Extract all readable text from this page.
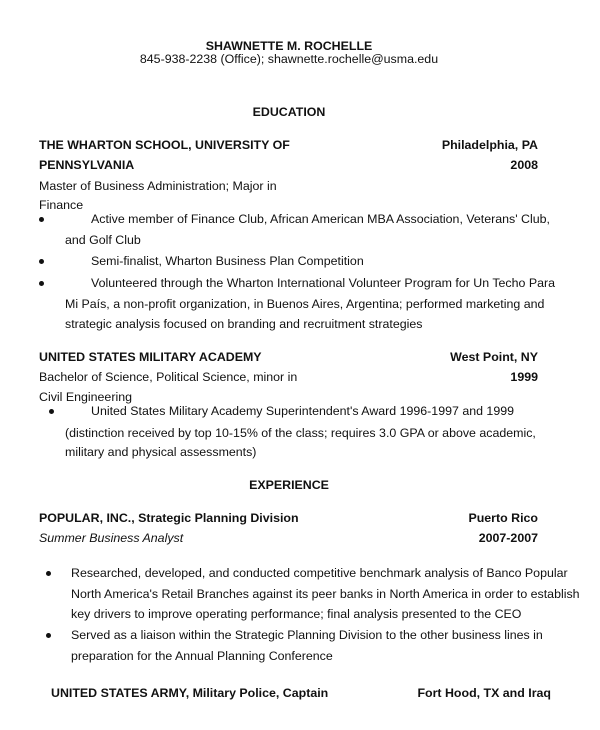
SHAWNETTE M. ROCHELLE
845-938-2238 (Office); shawnette.rochelle@usma.edu
EDUCATION
THE WHARTON SCHOOL, UNIVERSITY OF	Philadelphia, PA
PENNSYLVANIA	2008
Master of Business Administration; Major in
Finance
Active member of Finance Club, African American MBA Association, Veterans' Club,
and Golf Club
Semi-finalist, Wharton Business Plan Competition
Volunteered through the Wharton International Volunteer Program for Un Techo Para
Mi País, a non-profit organization, in Buenos Aires, Argentina; performed marketing and
strategic analysis focused on branding and recruitment strategies
UNITED STATES MILITARY ACADEMY	West Point, NY
Bachelor of Science, Political Science, minor in	1999
Civil Engineering
United States Military Academy Superintendent's Award 1996-1997 and 1999
(distinction received by top 10-15% of the class; requires 3.0 GPA or above academic,
military and physical assessments)
EXPERIENCE
POPULAR, INC., Strategic Planning Division	Puerto Rico
Summer Business Analyst	2007-2007
Researched, developed, and conducted competitive benchmark analysis of Banco Popular
North America's Retail Branches against its peer banks in North America in order to establish
key drivers to improve operating performance; final analysis presented to the CEO
Served as a liaison within the Strategic Planning Division to the other business lines in
preparation for the Annual Planning Conference
UNITED STATES ARMY, Military Police, Captain	Fort Hood, TX and Iraq
